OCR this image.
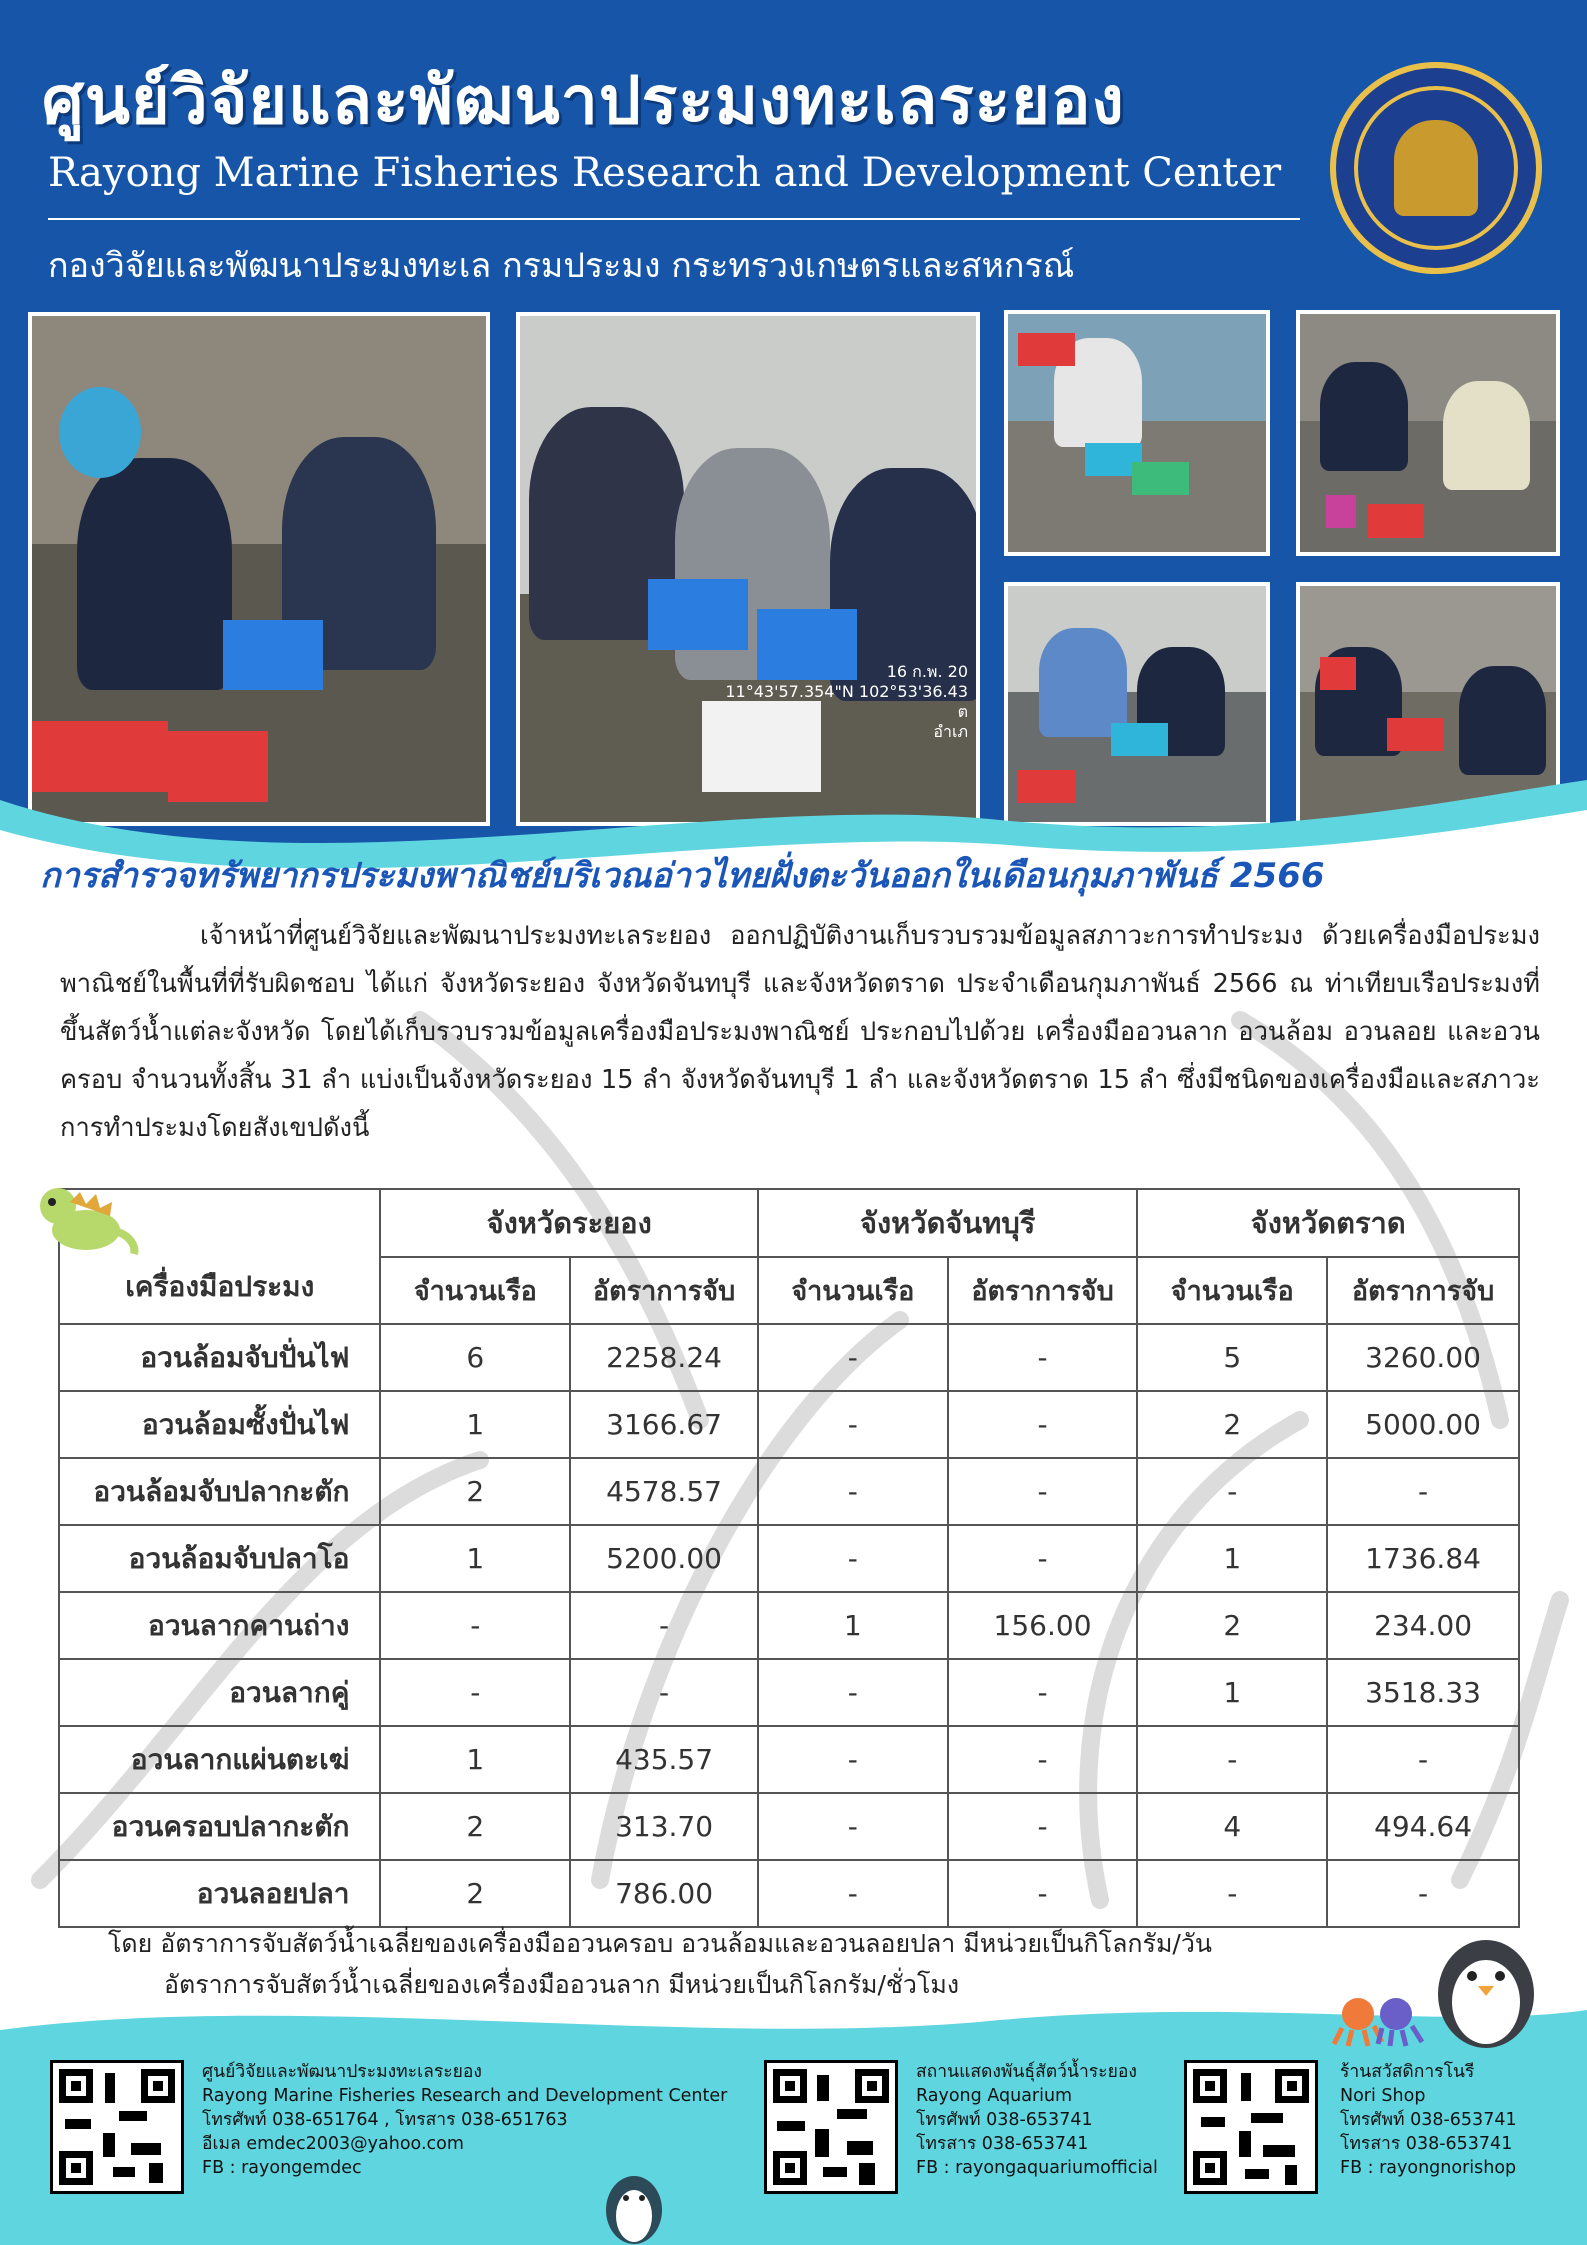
ศูนย์วิจัยและพัฒนาประมงทะเลระยอง
Rayong Marine Fisheries Research and Development Center
กองวิจัยและพัฒนาประมงทะเล กรมประมง กระทรวงเกษตรและสหกรณ์
16 ก.พ. 20
11°43'57.354"N 102°53'36.43
ต
อำเภ
การสำรวจทรัพยากรประมงพาณิชย์บริเวณอ่าวไทยฝั่งตะวันออกในเดือนกุมภาพันธ์ 2566
เจ้าหน้าที่ศูนย์วิจัยและพัฒนาประมงทะเลระยอง ออกปฏิบัติงานเก็บรวบรวมข้อมูลสภาวะการทำประมง ด้วยเครื่องมือประมงพาณิชย์ในพื้นที่ที่รับผิดชอบ ได้แก่ จังหวัดระยอง จังหวัดจันทบุรี และจังหวัดตราด ประจำเดือนกุมภาพันธ์ 2566 ณ ท่าเทียบเรือประมงที่ขึ้นสัตว์น้ำแต่ละจังหวัด โดยได้เก็บรวบรวมข้อมูลเครื่องมือประมงพาณิชย์ ประกอบไปด้วย เครื่องมืออวนลาก อวนล้อม อวนลอย และอวนครอบ จำนวนทั้งสิ้น 31 ลำ แบ่งเป็นจังหวัดระยอง 15 ลำ จังหวัดจันทบุรี 1 ลำ และจังหวัดตราด 15 ลำ ซึ่งมีชนิดของเครื่องมือและสภาวะการทำประมงโดยสังเขปดังนี้
เครื่องมือประมง	จังหวัดระยอง		จังหวัดจันทบุรี		จังหวัดตราด	
	จำนวนเรือ	อัตราการจับ	จำนวนเรือ	อัตราการจับ	จำนวนเรือ	อัตราการจับ
อวนล้อมจับปั่นไฟ	6	2258.24	-	-	5	3260.00
อวนล้อมซั้งปั่นไฟ	1	3166.67	-	-	2	5000.00
อวนล้อมจับปลากะตัก	2	4578.57	-	-	-	-
อวนล้อมจับปลาโอ	1	5200.00	-	-	1	1736.84
อวนลากคานถ่าง	-	-	1	156.00	2	234.00
อวนลากคู่	-	-	-	-	1	3518.33
อวนลากแผ่นตะเฆ่	1	435.57	-	-	-	-
อวนครอบปลากะตัก	2	313.70	-	-	4	494.64
อวนลอยปลา	2	786.00	-	-	-	-
โดย อัตราการจับสัตว์น้ำเฉลี่ยของเครื่องมืออวนครอบ อวนล้อมและอวนลอยปลา มีหน่วยเป็นกิโลกรัม/วัน
อัตราการจับสัตว์น้ำเฉลี่ยของเครื่องมืออวนลาก มีหน่วยเป็นกิโลกรัม/ชั่วโมง
ศูนย์วิจัยและพัฒนาประมงทะเลระยอง
Rayong Marine Fisheries Research and Development Center
โทรศัพท์ 038-651764 , โทรสาร 038-651763
อีเมล emdec2003@yahoo.com
FB : rayongemdec
สถานแสดงพันธุ์สัตว์น้ำระยอง
Rayong Aquarium
โทรศัพท์ 038-653741
โทรสาร 038-653741
FB : rayongaquariumofficial
ร้านสวัสดิการโนรี
Nori Shop
โทรศัพท์ 038-653741
โทรสาร 038-653741
FB : rayongnorishop
